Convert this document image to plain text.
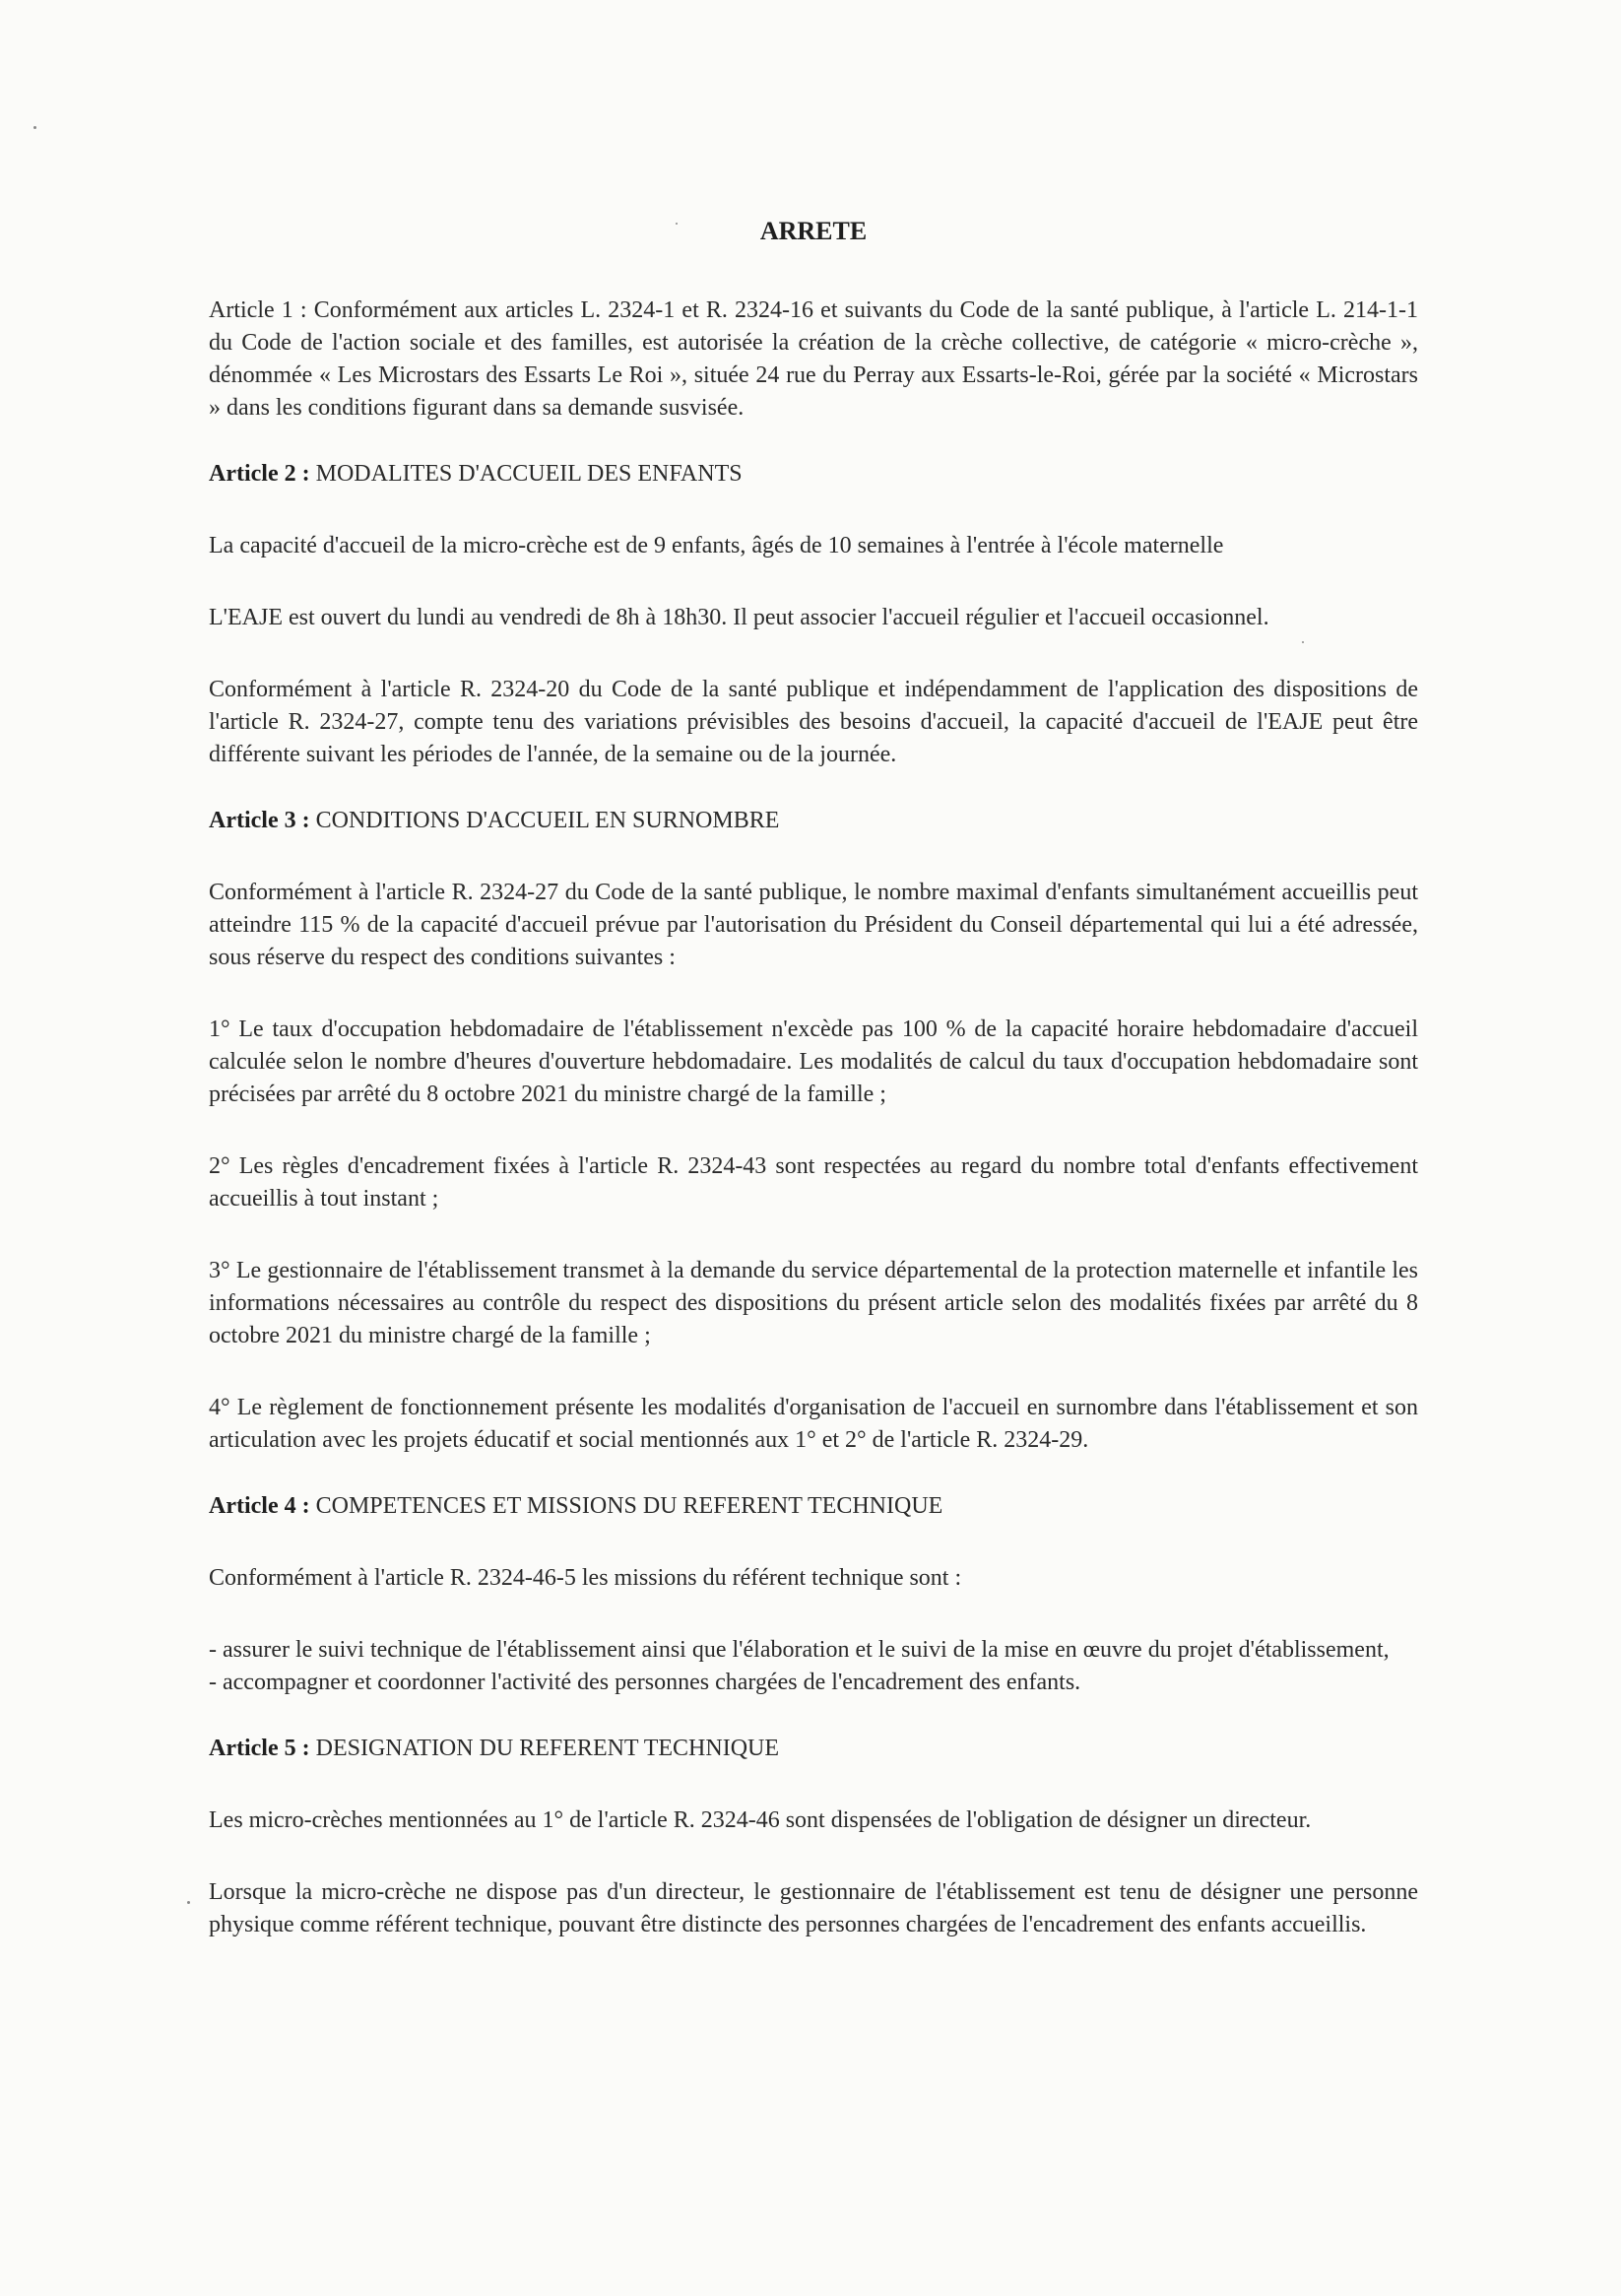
ARRETE

Article 1 : Conformément aux articles L. 2324-1 et R. 2324-16 et suivants du Code de la santé publique, à l'article L. 214-1-1 du Code de l'action sociale et des familles, est autorisée la création de la crèche collective, de catégorie « micro-crèche », dénommée « Les Microstars des Essarts Le Roi », située 24 rue du Perray aux Essarts-le-Roi, gérée par la société « Microstars » dans les conditions figurant dans sa demande susvisée.

Article 2 : MODALITES D'ACCUEIL DES ENFANTS

La capacité d'accueil de la micro-crèche est de 9 enfants, âgés de 10 semaines à l'entrée à l'école maternelle

L'EAJE est ouvert du lundi au vendredi de 8h à 18h30. Il peut associer l'accueil régulier et l'accueil occasionnel.

Conformément à l'article R. 2324-20 du Code de la santé publique et indépendamment de l'application des dispositions de l'article R. 2324-27, compte tenu des variations prévisibles des besoins d'accueil, la capacité d'accueil de l'EAJE peut être différente suivant les périodes de l'année, de la semaine ou de la journée.

Article 3 : CONDITIONS D'ACCUEIL EN SURNOMBRE

Conformément à l'article R. 2324-27 du Code de la santé publique, le nombre maximal d'enfants simultanément accueillis peut atteindre 115 % de la capacité d'accueil prévue par l'autorisation du Président du Conseil départemental qui lui a été adressée, sous réserve du respect des conditions suivantes :

1° Le taux d'occupation hebdomadaire de l'établissement n'excède pas 100 % de la capacité horaire hebdomadaire d'accueil calculée selon le nombre d'heures d'ouverture hebdomadaire. Les modalités de calcul du taux d'occupation hebdomadaire sont précisées par arrêté du 8 octobre 2021 du ministre chargé de la famille ;

2° Les règles d'encadrement fixées à l'article R. 2324-43 sont respectées au regard du nombre total d'enfants effectivement accueillis à tout instant ;

3° Le gestionnaire de l'établissement transmet à la demande du service départemental de la protection maternelle et infantile les informations nécessaires au contrôle du respect des dispositions du présent article selon des modalités fixées par arrêté du 8 octobre 2021 du ministre chargé de la famille ;

4° Le règlement de fonctionnement présente les modalités d'organisation de l'accueil en surnombre dans l'établissement et son articulation avec les projets éducatif et social mentionnés aux 1° et 2° de l'article R. 2324-29.

Article 4 : COMPETENCES ET MISSIONS DU REFERENT TECHNIQUE

Conformément à l'article R. 2324-46-5 les missions du référent technique sont :

- assurer le suivi technique de l'établissement ainsi que l'élaboration et le suivi de la mise en œuvre du projet d'établissement,

- accompagner et coordonner l'activité des personnes chargées de l'encadrement des enfants.

Article 5 : DESIGNATION DU REFERENT TECHNIQUE

Les micro-crèches mentionnées au 1° de l'article R. 2324-46 sont dispensées de l'obligation de désigner un directeur.

Lorsque la micro-crèche ne dispose pas d'un directeur, le gestionnaire de l'établissement est tenu de désigner une personne physique comme référent technique, pouvant être distincte des personnes chargées de l'encadrement des enfants accueillis.
